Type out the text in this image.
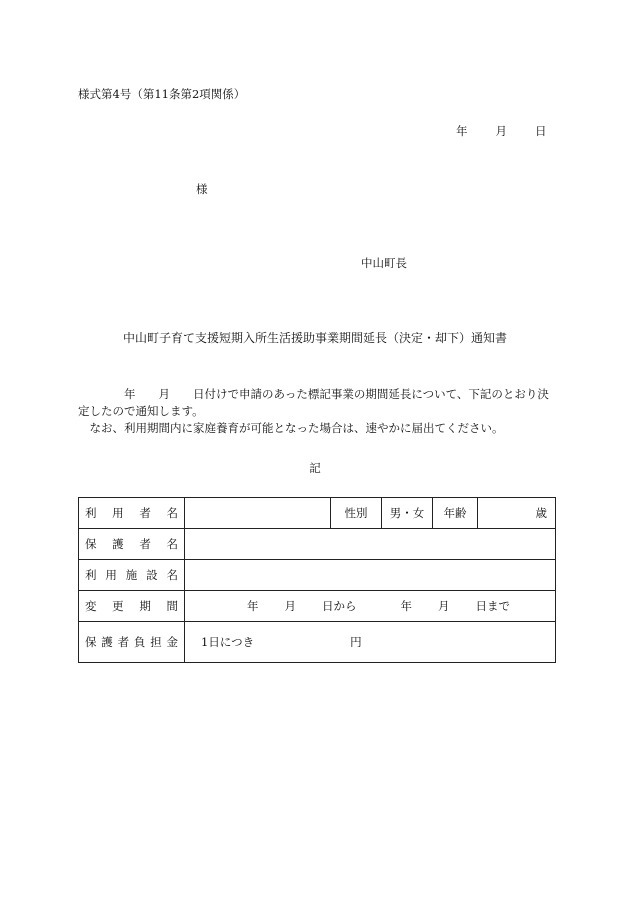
様式第4号（第11条第2項関係）
年 月 日
様
中山町長
中山町子育て支援短期入所生活援助事業期間延長（決定・却下）通知書

　　　　年　　月　　日付けで申請のあった標記事業の期間延長について、下記のとおり決定したので通知します。

　なお、利用期間内に家庭養育が可能となった場合は、速やかに届出てください。

記
利用者名		性別	男・女	年齢	歳
保護者名					
利用施設名					
変更期間	年 月 日から 年 月 日まで				
保護者負担金	1日につき 円				
